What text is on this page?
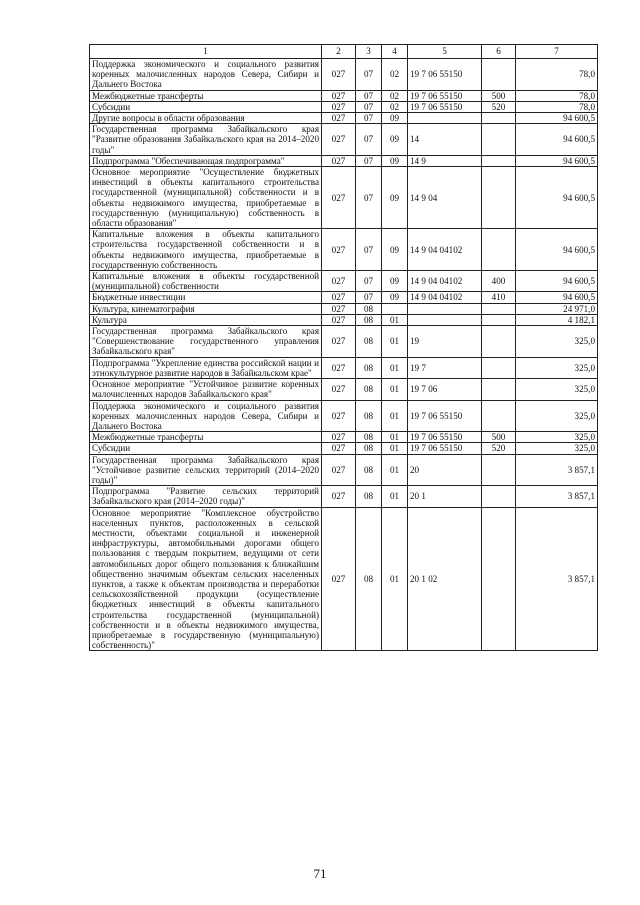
1	2	3	4	5	6	7
Поддержка экономического и социального развития коренных малочисленных народов Севера, Сибири и Дальнего Востока	027	07	02	19 7 06 55150		78,0
Межбюджетные трансферты	027	07	02	19 7 06 55150	500	78,0
Субсидии	027	07	02	19 7 06 55150	520	78,0
Другие вопросы в области образования	027	07	09			94 600,5
Государственная программа Забайкальского края "Развитие образования Забайкальского края на 2014–2020 годы"	027	07	09	14		94 600,5
Подпрограмма "Обеспечивающая подпрограмма"	027	07	09	14 9		94 600,5
Основное мероприятие "Осуществление бюджетных инвестиций в объекты капитального строительства государственной (муниципальной) собственности и в объекты недвижимого имущества, приобретаемые в государственную (муниципальную) собственность в области образования"	027	07	09	14 9 04		94 600,5
Капитальные вложения в объекты капитального строительства государственной собственности и в объекты недвижимого имущества, приобретаемые в государственную собственность	027	07	09	14 9 04 04102		94 600,5
Капитальные вложения в объекты государственной (муниципальной) собственности	027	07	09	14 9 04 04102	400	94 600,5
Бюджетные инвестиции	027	07	09	14 9 04 04102	410	94 600,5
Культура, кинематография	027	08				24 971,0
Культура	027	08	01			4 182,1
Государственная программа Забайкальского края "Совершенствование государственного управления Забайкальского края"	027	08	01	19		325,0
Подпрограмма "Укрепление единства российской нации и этнокультурное развитие народов в Забайкальском крае"	027	08	01	19 7		325,0
Основное мероприятие "Устойчивое развитие коренных малочисленных народов Забайкальского края"	027	08	01	19 7 06		325,0
Поддержка экономического и социального развития коренных малочисленных народов Севера, Сибири и Дальнего Востока	027	08	01	19 7 06 55150		325,0
Межбюджетные трансферты	027	08	01	19 7 06 55150	500	325,0
Субсидии	027	08	01	19 7 06 55150	520	325,0
Государственная программа Забайкальского края "Устойчивое развитие сельских территорий (2014–2020 годы)"	027	08	01	20		3 857,1
Подпрограмма "Развитие сельских территорий Забайкальского края (2014–2020 годы)"	027	08	01	20 1		3 857,1
Основное мероприятие "Комплексное обустройство населенных пунктов, расположенных в сельской местности, объектами социальной и инженерной инфраструктуры, автомобильными дорогами общего пользования с твердым покрытием, ведущими от сети автомобильных дорог общего пользования к ближайшим общественно значимым объектам сельских населенных пунктов, а также к объектам производства и переработки сельскохозяйственной продукции (осуществление бюджетных инвестиций в объекты капитального строительства государственной (муниципальной) собственности и в объекты недвижимого имущества, приобретаемые в государственную (муниципальную) собственность)"	027	08	01	20 1 02		3 857,1
71
